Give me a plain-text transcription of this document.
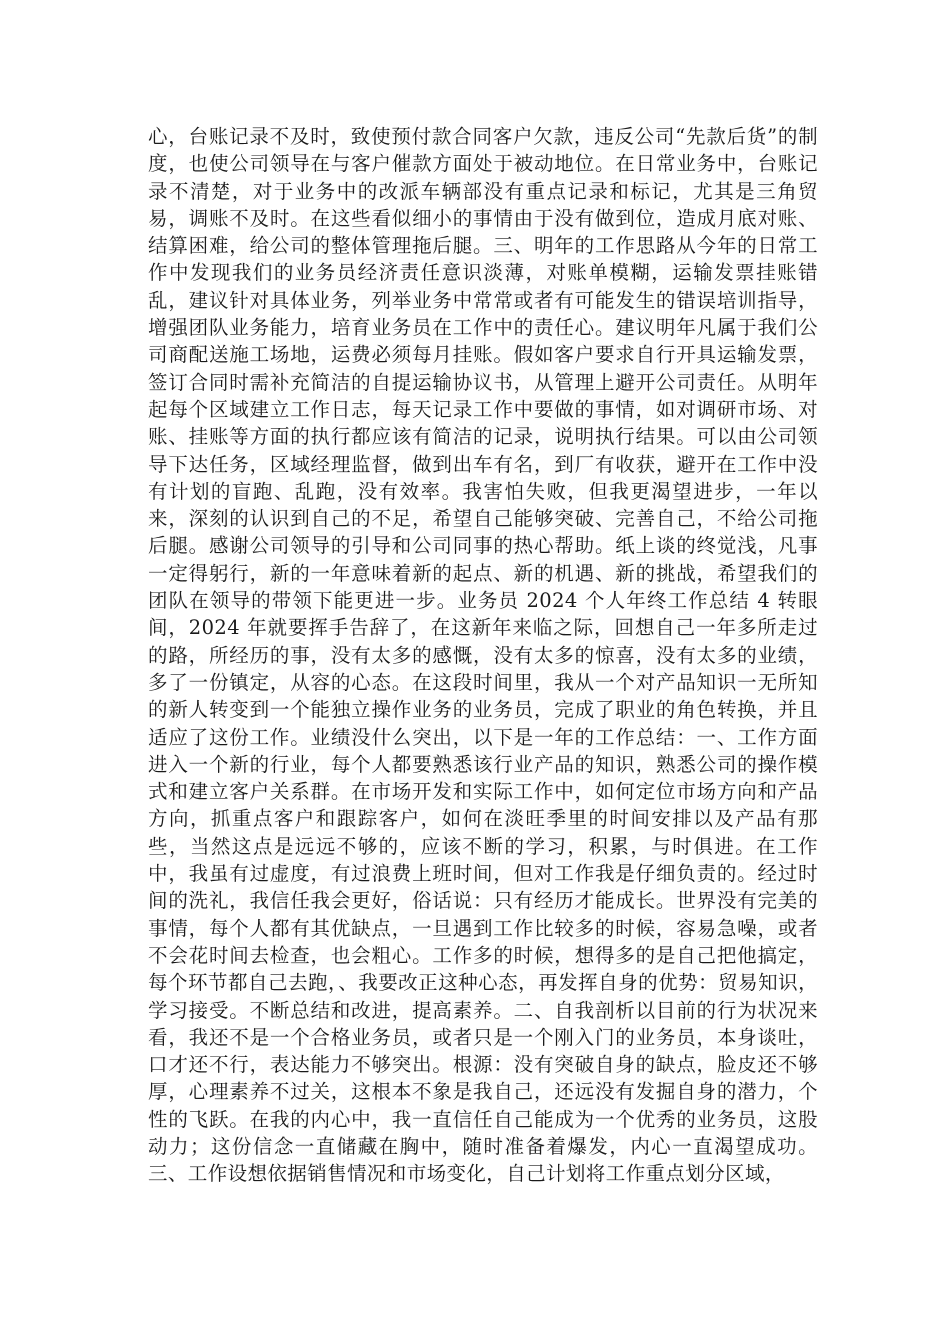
心，台账记录不及时，致使预付款合同客户欠款，违反公司“先款后货”的制度，也使公司领导在与客户催款方面处于被动地位。在日常业务中，台账记录不清楚，对于业务中的改派车辆部没有重点记录和标记，尤其是三角贸易，调账不及时。在这些看似细小的事情由于没有做到位，造成月底对账、结算困难，给公司的整体管理拖后腿。三、明年的工作思路从今年的日常工作中发现我们的业务员经济责任意识淡薄，对账单模糊，运输发票挂账错乱，建议针对具体业务，列举业务中常常或者有可能发生的错误培训指导，增强团队业务能力，培育业务员在工作中的责任心。建议明年凡属于我们公司商配送施工场地，运费必须每月挂账。假如客户要求自行开具运输发票，签订合同时需补充简洁的自提运输协议书，从管理上避开公司责任。从明年起每个区域建立工作日志，每天记录工作中要做的事情，如对调研市场、对账、挂账等方面的执行都应该有简洁的记录，说明执行结果。可以由公司领导下达任务，区域经理监督，做到出车有名，到厂有收获，避开在工作中没有计划的盲跑、乱跑，没有效率。我害怕失败，但我更渴望进步，一年以来，深刻的认识到自己的不足，希望自己能够突破、完善自己，不给公司拖后腿。感谢公司领导的引导和公司同事的热心帮助。纸上谈的终觉浅，凡事一定得躬行，新的一年意味着新的起点、新的机遇、新的挑战，希望我们的团队在领导的带领下能更进一步。业务员 2024 个人年终工作总结 4 转眼间，2024 年就要挥手告辞了，在这新年来临之际，回想自己一年多所走过的路，所经历的事，没有太多的感慨，没有太多的惊喜，没有太多的业绩，多了一份镇定，从容的心态。在这段时间里，我从一个对产品知识一无所知的新人转变到一个能独立操作业务的业务员，完成了职业的角色转换，并且适应了这份工作。业绩没什么突出，以下是一年的工作总结：一、工作方面进入一个新的行业，每个人都要熟悉该行业产品的知识，熟悉公司的操作模式和建立客户关系群。在市场开发和实际工作中，如何定位市场方向和产品方向，抓重点客户和跟踪客户，如何在淡旺季里的时间安排以及产品有那些，当然这点是远远不够的，应该不断的学习，积累，与时俱进。在工作中，我虽有过虚度，有过浪费上班时间，但对工作我是仔细负责的。经过时间的洗礼，我信任我会更好，俗话说：只有经历才能成长。世界没有完美的事情，每个人都有其优缺点，一旦遇到工作比较多的时候，容易急噪，或者不会花时间去检查，也会粗心。工作多的时候，想得多的是自己把他搞定，每个环节都自己去跑，、我要改正这种心态，再发挥自身的优势：贸易知识，学习接受。不断总结和改进，提高素养。二、自我剖析以目前的行为状况来看，我还不是一个合格业务员，或者只是一个刚入门的业务员，本身谈吐，口才还不行，表达能力不够突出。根源：没有突破自身的缺点，脸皮还不够厚，心理素养不过关，这根本不象是我自己，还远没有发掘自身的潜力，个性的飞跃。在我的内心中，我一直信任自己能成为一个优秀的业务员，这股动力；这份信念一直储藏在胸中，随时准备着爆发，内心一直渴望成功。三、工作设想依据销售情况和市场变化，自己计划将工作重点划分区域，
